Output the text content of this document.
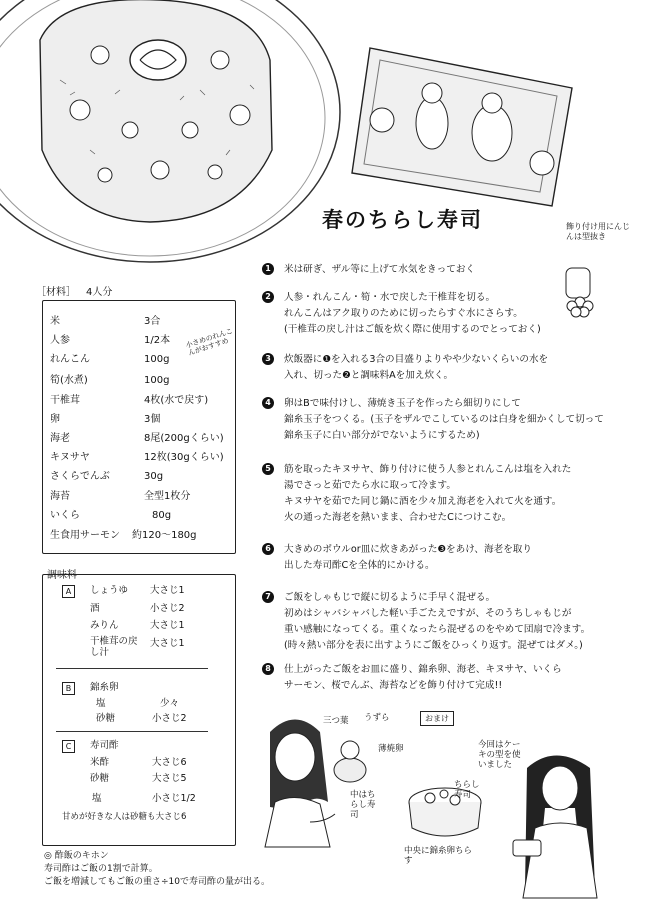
春のちらし寿司	飾り付け用にんじんは型抜き
［材料］ 4人分
米	3合
人参	1/2本
れんこん	100g
筍(水煮)	100g
干椎茸	4枚(水で戻す)
卵	3個
海老	8尾(200gくらい)
キヌサヤ	12枚(30gくらい)
さくらでんぶ	30g
海苔	全型1枚分
いくら	80g
生食用サーモン 約120〜180g
小さめのれんこんがおすすめ
調味料
A	しょうゆ 大さじ1
酒	小さじ2
みりん	大さじ1
干椎茸の戻し汁
大さじ1
B	錦糸卵
塩	少々
砂糖	小さじ2
C	寿司酢
米酢	大さじ6
砂糖	大さじ5
塩	小さじ1/2
甘めが好きな人は砂糖も大さじ6
◎ 酢飯のキホン
寿司酢はご飯の1割で計算。
ご飯を増減してもご飯の重さ÷10で寿司酢の量が出る。
1	米は研ぎ、ザル等に上げて水気をきっておく
2	人参・れんこん・筍・水で戻した干椎茸を切る。
れんこんはアク取りのために切ったらすぐ水にさらす。
(干椎茸の戻し汁はご飯を炊く際に使用するのでとっておく)
3	炊飯器に❶を入れる3合の目盛りよりやや少ないくらいの水を
入れ、切った❷と調味料Aを加え炊く。
4	卵はBで味付けし、薄焼き玉子を作ったら細切りにして
錦糸玉子をつくる。(玉子をザルでこしているのは白身を細かくして切って
錦糸玉子に白い部分がでないようにするため)
5	筋を取ったキヌサヤ、飾り付けに使う人参とれんこんは塩を入れた
湯でさっと茹でたら水に取って冷ます。
キヌサヤを茹でた同じ鍋に酒を少々加え海老を入れて火を通す。
火の通った海老を熱いまま、合わせたCにつけこむ。
6	大きめのボウルor皿に炊きあがった❸をあけ、海老を取り
出した寿司酢Cを全体的にかける。
7	ご飯をしゃもじで縦に切るように手早く混ぜる。
初めはシャバシャバした軽い手ごたえですが、そのうちしゃもじが
重い感触になってくる。重くなったら混ぜるのをやめて団扇で冷ます。
(時々熱い部分を表に出すようにご飯をひっくり返す。混ぜてはダメ。)
8	仕上がったご飯をお皿に盛り、錦糸卵、海老、キヌサヤ、いくら
サーモン、桜でんぶ、海苔などを飾り付けて完成!!
三つ葉 うずら	おまけ
薄焼卵
中はちらし寿司
ちらし寿司
中央に錦糸卵ちらす
今回はケーキの型を使いました
